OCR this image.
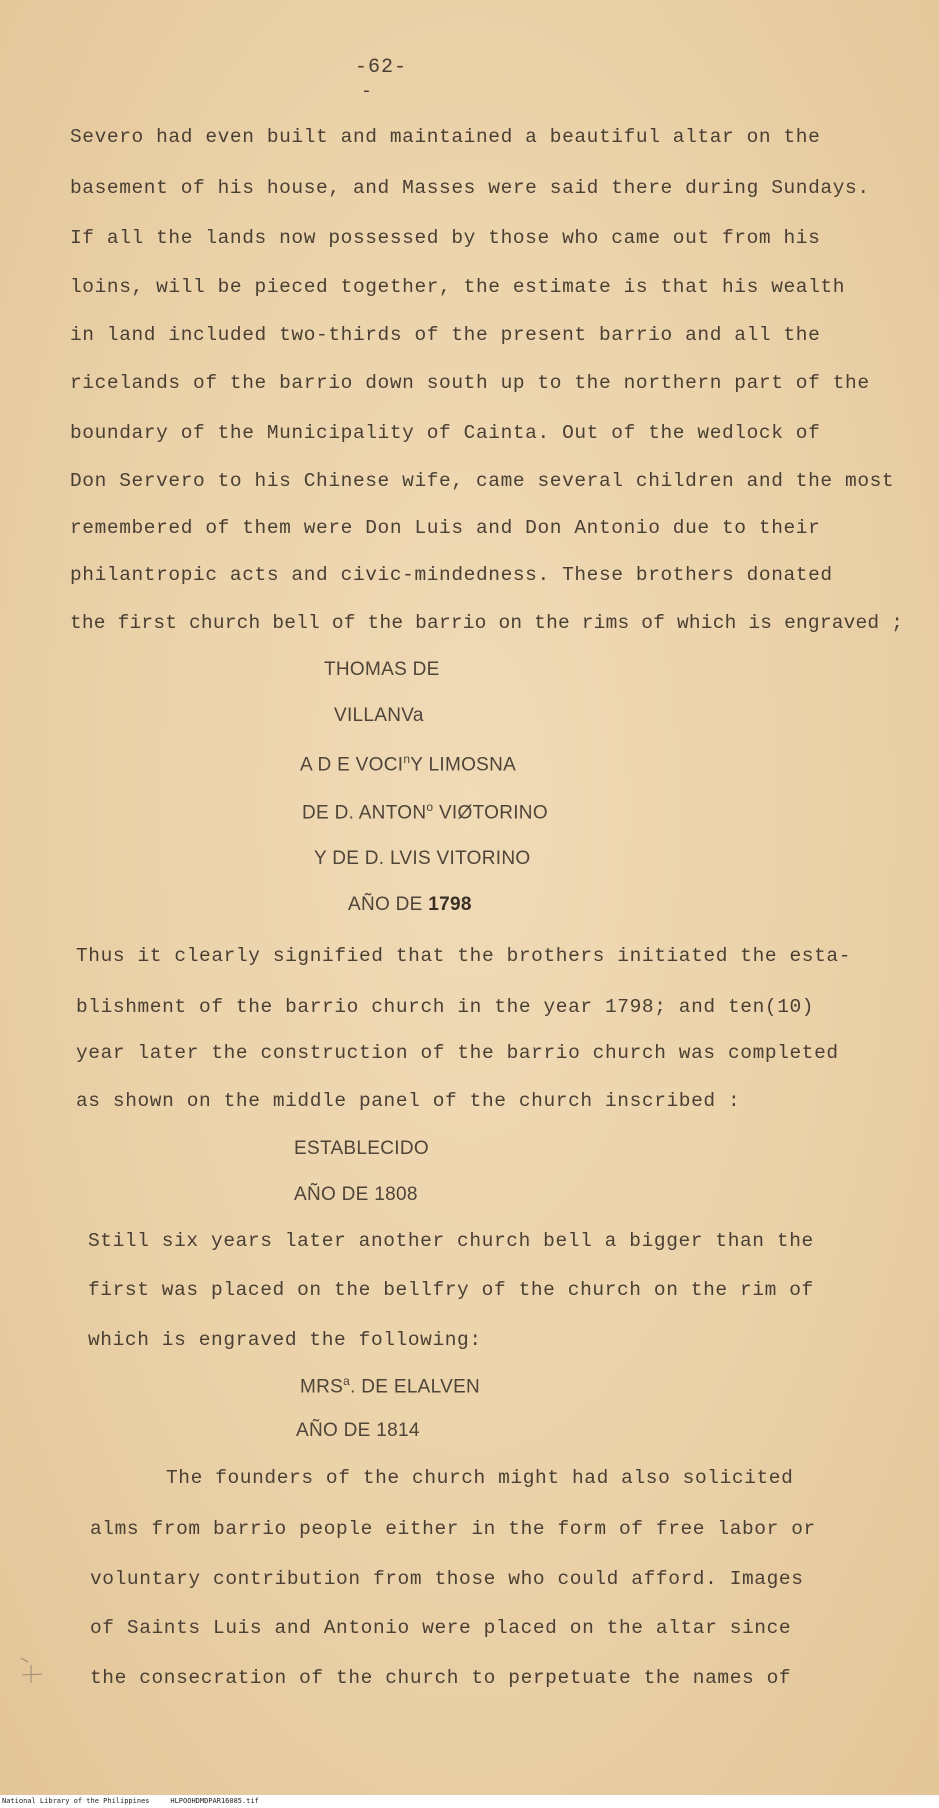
-62-
-
Severo had even built and maintained a beautiful altar on the
basement of his house, and Masses were said there during Sundays.
If all the lands now possessed by those who came out from his
loins, will be pieced together, the estimate is that his wealth
in land included two-thirds of the present barrio and all the
ricelands of the barrio down south up to the northern part of the
boundary of the Municipality of Cainta. Out of the wedlock of
Don Servero to his Chinese wife, came several children and the most
remembered of them were Don Luis and Don Antonio due to their
philantropic acts and civic-mindedness. These brothers donated
the first church bell of the barrio on the rims of which is engraved ;
THOMAS DE
VILLANVa
A D E VOCI$^n$Y LIMOSNA
DE D. ANTON$^o$ VIØTORINO
Y DE D. LVIS VITORINO
AÑO DE 1798
Thus it clearly signified that the brothers initiated the esta-
blishment of the barrio church in the year 1798; and ten(10)
year later the construction of the barrio church was completed
as shown on the middle panel of the church inscribed :
ESTABLECIDO
AÑO DE 1808
Still six years later another church bell a bigger than the
first was placed on the bellfry of the church on the rim of
which is engraved the following:
MRS$^a$. DE ELALVEN
AÑO DE 1814
The founders of the church might had also solicited
alms from barrio people either in the form of free labor or
voluntary contribution from those who could afford. Images
of Saints Luis and Antonio were placed on the altar since
the consecration of the church to perpetuate the names of
National Library of the Philippines	HLPOOHDMDPAR16085.tif
